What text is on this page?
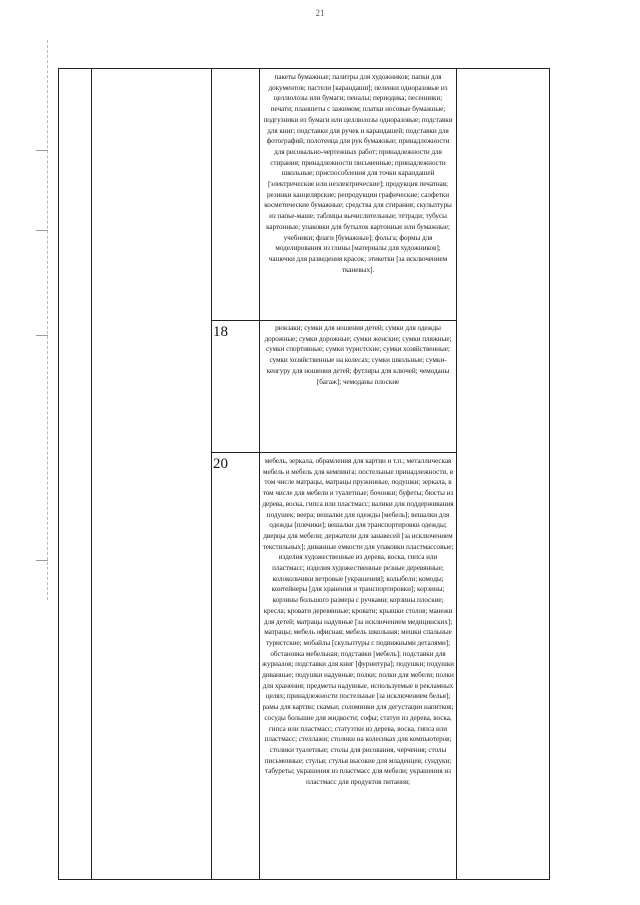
21
18
20

пакеты бумажные; палитры для художников; папки для документов; пастели [карандаши]; пеленки одноразовые из целлюлозы или бумаги; пеналы; периодика; песенники; печати; планшеты с зажимом; платки носовые бумажные; подгузники из бумаги или целлюлозы одноразовые; подставки для книг; подставки для ручек и карандашей; подставки для фотографий; полотенца для рук бумажные; принадлежности для рисовально-чертежных работ; принадлежности для стирания; принадлежности письменные; принадлежности школьные; приспособления для точки карандашей [электрические или неэлектрические]; продукция печатная; резинки канцелярские; репродукции графические; салфетки косметические бумажные; средства для стирания; скульптуры из папье-маше; таблицы вычислительные; тетради; тубусы картонные; упаковки для бутылок картонные или бумажные; учебники; флаги [бумажные]; фольга; формы для моделирования из глины [материалы для художников]; чашечки для разведения красок; этикетки [за исключением тканевых].

рюкзаки; сумки для ношения детей; сумки для одежды дорожные; сумки дорожные; сумки женские; сумки пляжные; сумки спортивные; сумки туристские; сумки хозяйственные; сумки хозяйственные на колесах; сумки школьные; сумки-кенгуру для ношения детей; футляры для ключей; чемоданы [багаж]; чемоданы плоские

мебель, зеркала, обрамления для картин и т.п.; металлическая мебель и мебель для кемпинга; постельные принадлежности, в том числе матрацы, матрацы пружинные, подушки; зеркала, в том числе для мебели и туалетные; бочонки; буфеты; бюсты из дерева, воска, гипса или пластмасс; валики для поддерживания подушек; веера; вешалки для одежды [мебель]; вешалки для одежды [плечики]; вешалки для транспортировки одежды; дверцы для мебели; держатели для занавесей [за исключением текстильных]; диванные емкости для упаковки пластмассовые; изделия художественные из дерева, воска, гипса или пластмасс; изделия художественные резные деревянные; колокольчики ветровые [украшения]; колыбели; комоды; контейнеры [для хранения и транспортировки]; корзины; корзины большого размера с ручками; корзины плоские; кресла; кровати деревянные; кровати; крышки столов; манежи для детей; матрацы надувные [за исключением медицинских]; матрацы; мебель офисная; мебель школьная; мешки спальные туристские; мобайлы [скульптуры с подвижными деталями]; обстановка мебельная; подставки [мебель]; подставки для журналов; подставки для книг [фурнитура]; подушки; подушки диванные; подушки надувные; полки; полки для мебели; полки для хранения; предметы надувные, используемые в рекламных целях; принадлежности постельные [за исключением белья]; рамы для картин; скамьи; соломинки для дегустации напитков; сосуды большие для жидкости; софы; статуи из дерева, воска, гипса или пластмасс; статуэтки из дерева, воска, гипса или пластмасс; стеллажи; столики на колесиках для компьютеров; столики туалетные; столы для рисования, черчения; столы письменные; стулья; стулья высокие для младенцев; сундуки; табуреты; украшения из пластмасс для мебели; украшения из пластмасс для продуктов питания;
